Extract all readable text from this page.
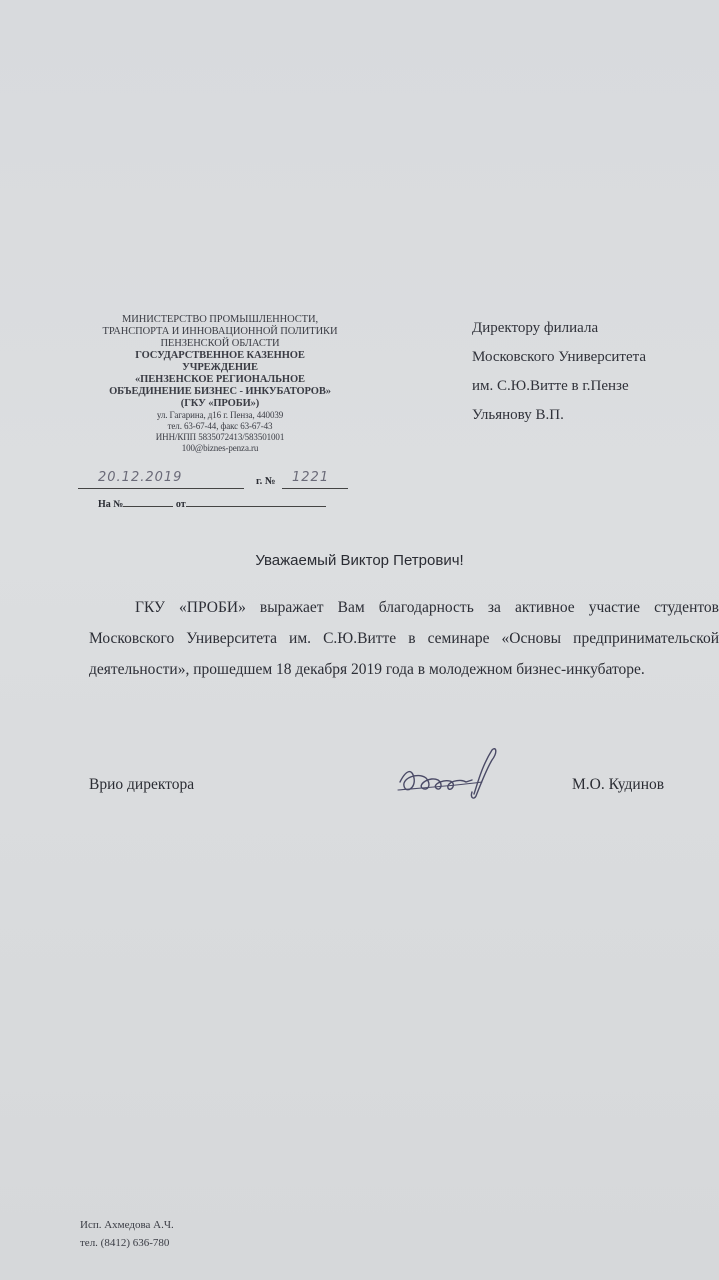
МИНИСТЕРСТВО ПРОМЫШЛЕННОСТИ,
ТРАНСПОРТА И ИННОВАЦИОННОЙ ПОЛИТИКИ
ПЕНЗЕНСКОЙ ОБЛАСТИ
ГОСУДАРСТВЕННОЕ КАЗЕННОЕ
УЧРЕЖДЕНИЕ
«ПЕНЗЕНСКОЕ РЕГИОНАЛЬНОЕ
ОБЪЕДИНЕНИЕ БИЗНЕС - ИНКУБАТОРОВ»
(ГКУ «ПРОБИ»)
ул. Гагарина, д16 г. Пенза, 440039
тел. 63-67-44, факс 63-67-43
ИНН/КПП 5835072413/583501001
100@biznes-penza.ru
20.12.2019	г. № 1221
На №	от
Директору филиала
Московского Университета
им. С.Ю.Витте в г.Пензе
Ульянову В.П.
Уважаемый Виктор Петрович!
ГКУ «ПРОБИ» выражает Вам благодарность за активное участие студентов Московского Университета им. С.Ю.Витте в семинаре «Основы предпринимательской деятельности», прошедшем 18 декабря 2019 года в молодежном бизнес-инкубаторе.
Врио директора	М.О. Кудинов
Исп. Ахмедова А.Ч.
тел. (8412) 636-780
